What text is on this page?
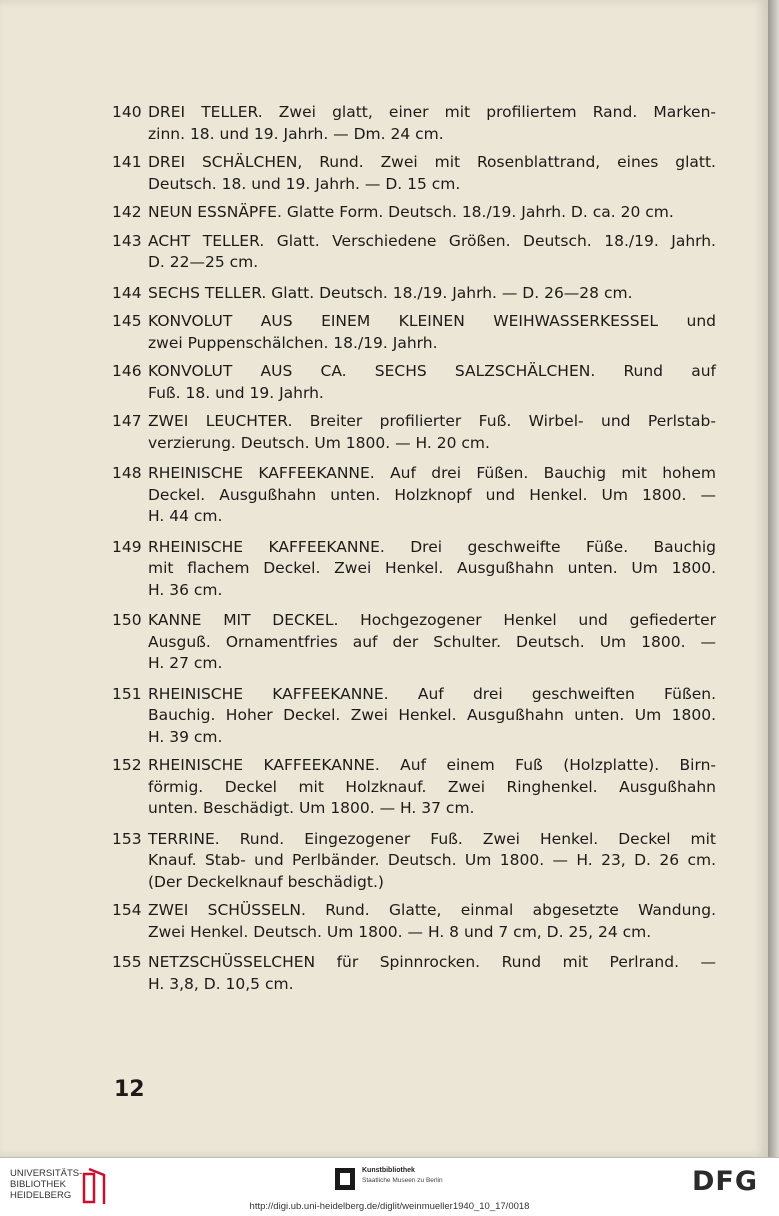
140 DREI TELLER. Zwei glatt, einer mit profiliertem Rand. Marken-
zinn. 18. und 19. Jahrh. — Dm. 24 cm.
141 DREI SCHÄLCHEN, Rund. Zwei mit Rosenblattrand, eines glatt.
Deutsch. 18. und 19. Jahrh. — D. 15 cm.
142 NEUN ESSNÄPFE. Glatte Form. Deutsch. 18./19. Jahrh. D. ca. 20 cm.
143 ACHT TELLER. Glatt. Verschiedene Größen. Deutsch. 18./19. Jahrh.
D. 22—25 cm.
144 SECHS TELLER. Glatt. Deutsch. 18./19. Jahrh. — D. 26—28 cm.
145 KONVOLUT AUS EINEM KLEINEN WEIHWASSERKESSEL und
zwei Puppenschälchen. 18./19. Jahrh.
146 KONVOLUT AUS CA. SECHS SALZSCHÄLCHEN. Rund auf
Fuß. 18. und 19. Jahrh.
147 ZWEI LEUCHTER. Breiter profilierter Fuß. Wirbel- und Perlstab-
verzierung. Deutsch. Um 1800. — H. 20 cm.
148 RHEINISCHE KAFFEEKANNE. Auf drei Füßen. Bauchig mit hohem
Deckel. Ausgußhahn unten. Holzknopf und Henkel. Um 1800. —
H. 44 cm.
149 RHEINISCHE KAFFEEKANNE. Drei geschweifte Füße. Bauchig
mit flachem Deckel. Zwei Henkel. Ausgußhahn unten. Um 1800.
H. 36 cm.
150 KANNE MIT DECKEL. Hochgezogener Henkel und gefiederter
Ausguß. Ornamentfries auf der Schulter. Deutsch. Um 1800. —
H. 27 cm.
151 RHEINISCHE KAFFEEKANNE. Auf drei geschweiften Füßen.
Bauchig. Hoher Deckel. Zwei Henkel. Ausgußhahn unten. Um 1800.
H. 39 cm.
152 RHEINISCHE KAFFEEKANNE. Auf einem Fuß (Holzplatte). Birn-
förmig. Deckel mit Holzknauf. Zwei Ringhenkel. Ausgußhahn
unten. Beschädigt. Um 1800. — H. 37 cm.
153 TERRINE. Rund. Eingezogener Fuß. Zwei Henkel. Deckel mit
Knauf. Stab- und Perlbänder. Deutsch. Um 1800. — H. 23, D. 26 cm.
(Der Deckelknauf beschädigt.)
154 ZWEI SCHÜSSELN. Rund. Glatte, einmal abgesetzte Wandung.
Zwei Henkel. Deutsch. Um 1800. — H. 8 und 7 cm, D. 25, 24 cm.
155 NETZSCHÜSSELCHEN für Spinnrocken. Rund mit Perlrand. —
H. 3,8, D. 10,5 cm.
12
UNIVERSITÄTS-
BIBLIOTHEK
HEIDELBERG
Kunstbibliothek
Staatliche Museen zu Berlin	DFG
http://digi.ub.uni-heidelberg.de/diglit/weinmueller1940_10_17/0018
